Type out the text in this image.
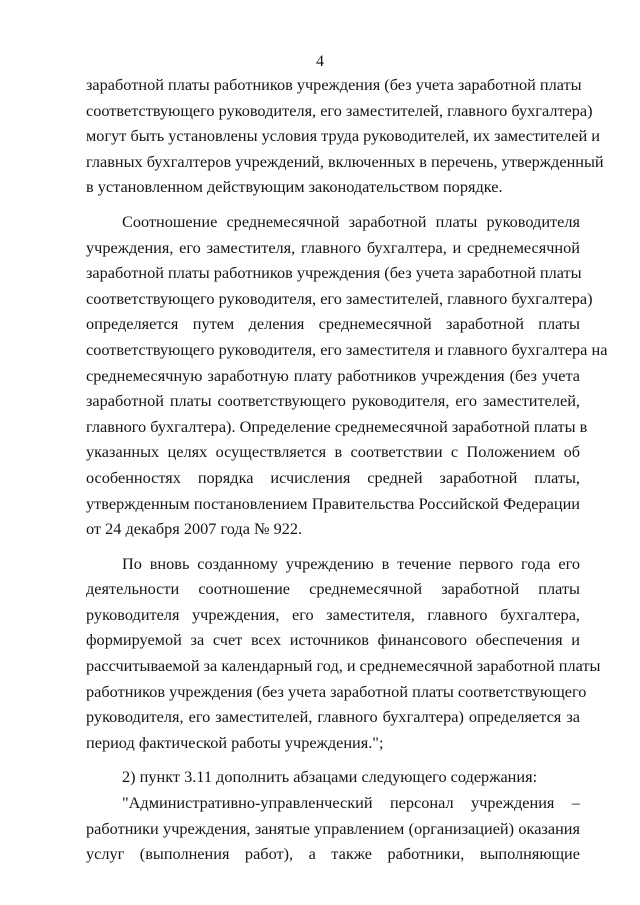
4
заработной платы работников учреждения (без учета заработной платы
соответствующего руководителя, его заместителей, главного бухгалтера)
могут быть установлены условия труда руководителей, их заместителей и
главных бухгалтеров учреждений, включенных в перечень, утвержденный
в установленном действующим законодательством порядке.
Соотношение среднемесячной заработной платы руководителя
учреждения, его заместителя, главного бухгалтера, и среднемесячной
заработной платы работников учреждения (без учета заработной платы
соответствующего руководителя, его заместителей, главного бухгалтера)
определяется путем деления среднемесячной заработной платы
соответствующего руководителя, его заместителя и главного бухгалтера на
среднемесячную заработную плату работников учреждения (без учета
заработной платы соответствующего руководителя, его заместителей,
главного бухгалтера). Определение среднемесячной заработной платы в
указанных целях осуществляется в соответствии с Положением об
особенностях порядка исчисления средней заработной платы,
утвержденным постановлением Правительства Российской Федерации
от 24 декабря 2007 года № 922.
По вновь созданному учреждению в течение первого года его
деятельности соотношение среднемесячной заработной платы
руководителя учреждения, его заместителя, главного бухгалтера,
формируемой за счет всех источников финансового обеспечения и
рассчитываемой за календарный год, и среднемесячной заработной платы
работников учреждения (без учета заработной платы соответствующего
руководителя, его заместителей, главного бухгалтера) определяется за
период фактической работы учреждения.";
2) пункт 3.11 дополнить абзацами следующего содержания:
"Административно-управленческий персонал учреждения –
работники учреждения, занятые управлением (организацией) оказания
услуг (выполнения работ), а также работники, выполняющие
